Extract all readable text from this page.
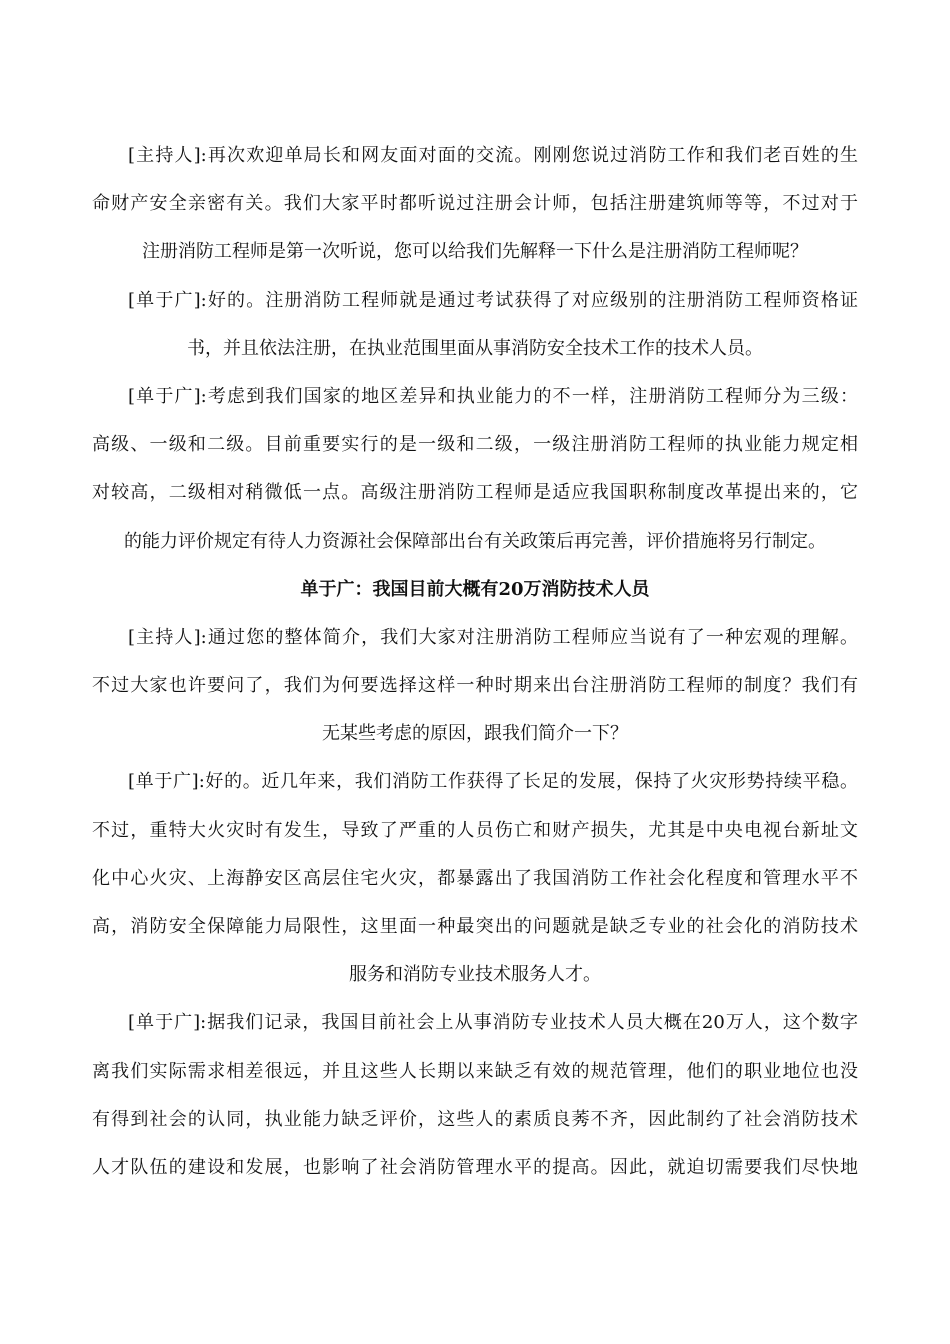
[主持人]:再次欢迎单局长和网友面对面的交流。刚刚您说过消防工作和我们老百姓的生
命财产安全亲密有关。我们大家平时都听说过注册会计师，包括注册建筑师等等，不过对于
注册消防工程师是第一次听说，您可以给我们先解释一下什么是注册消防工程师呢？
[单于广]:好的。注册消防工程师就是通过考试获得了对应级别的注册消防工程师资格证
书，并且依法注册，在执业范围里面从事消防安全技术工作的技术人员。
[单于广]:考虑到我们国家的地区差异和执业能力的不一样，注册消防工程师分为三级：
高级、一级和二级。目前重要实行的是一级和二级，一级注册消防工程师的执业能力规定相
对较高，二级相对稍微低一点。高级注册消防工程师是适应我国职称制度改革提出来的，它
的能力评价规定有待人力资源社会保障部出台有关政策后再完善，评价措施将另行制定。
单于广：我国目前大概有20万消防技术人员
[主持人]:通过您的整体简介，我们大家对注册消防工程师应当说有了一种宏观的理解。
不过大家也许要问了，我们为何要选择这样一种时期来出台注册消防工程师的制度？我们有
无某些考虑的原因，跟我们简介一下？
[单于广]:好的。近几年来，我们消防工作获得了长足的发展，保持了火灾形势持续平稳。
不过，重特大火灾时有发生，导致了严重的人员伤亡和财产损失，尤其是中央电视台新址文
化中心火灾、上海静安区高层住宅火灾，都暴露出了我国消防工作社会化程度和管理水平不
高，消防安全保障能力局限性，这里面一种最突出的问题就是缺乏专业的社会化的消防技术
服务和消防专业技术服务人才。
[单于广]:据我们记录，我国目前社会上从事消防专业技术人员大概在20万人，这个数字
离我们实际需求相差很远，并且这些人长期以来缺乏有效的规范管理，他们的职业地位也没
有得到社会的认同，执业能力缺乏评价，这些人的素质良莠不齐，因此制约了社会消防技术
人才队伍的建设和发展，也影响了社会消防管理水平的提高。因此，就迫切需要我们尽快地
